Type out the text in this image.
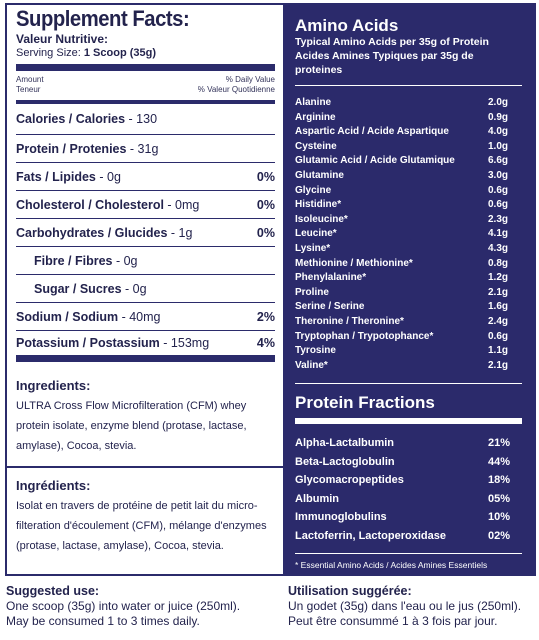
Supplement Facts:
Valeur Nutritive:
Serving Size: 1 Scoop (35g)
Amount	% Daily Value
Teneur	% Valeur Quotidienne
Calories / Calories - 130
Protein / Protenies - 31g
Fats / Lipides - 0g	0%
Cholesterol / Cholesterol - 0mg	0%
Carbohydrates / Glucides - 1g	0%
Fibre / Fibres - 0g
Sugar / Sucres - 0g
Sodium / Sodium - 40mg	2%
Potassium / Postassium - 153mg	4%
Ingredients:
ULTRA Cross Flow Microfilteration (CFM) whey protein isolate, enzyme blend (protase, lactase, amylase), Cocoa, stevia.
Ingrédients:
Isolat en travers de protéine de petit lait du micro-filteration d'écoulement (CFM), mélange d'enzymes (protase, lactase, amylase), Cocoa, stevia.
Amino Acids
Typical Amino Acids per 35g of Protein
Acides Amines Typiques par 35g de proteines
Alanine	2.0g
Arginine	0.9g
Aspartic Acid / Acide Aspartique	4.0g
Cysteine	1.0g
Glutamic Acid / Acide Glutamique	6.6g
Glutamine	3.0g
Glycine	0.6g
Histidine*	0.6g
Isoleucine*	2.3g
Leucine*	4.1g
Lysine*	4.3g
Methionine / Methionine*	0.8g
Phenylalanine*	1.2g
Proline	2.1g
Serine / Serine	1.6g
Theronine / Theronine*	2.4g
Tryptophan / Trypotophance*	0.6g
Tyrosine	1.1g
Valine*	2.1g
Protein Fractions
Alpha-Lactalbumin	21%
Beta-Lactoglobulin	44%
Glycomacropeptides	18%
Albumin	05%
Immunoglobulins	10%
Lactoferrin, Lactoperoxidase	02%
* Essential Amino Acids / Acides Amines Essentiels
Suggested use:
One scoop (35g) into water or juice (250ml).
May be consumed 1 to 3 times daily.
Utilisation suggérée:
Un godet (35g) dans l'eau ou le jus (250ml).
Peut être consummé 1 à 3 fois par jour.
